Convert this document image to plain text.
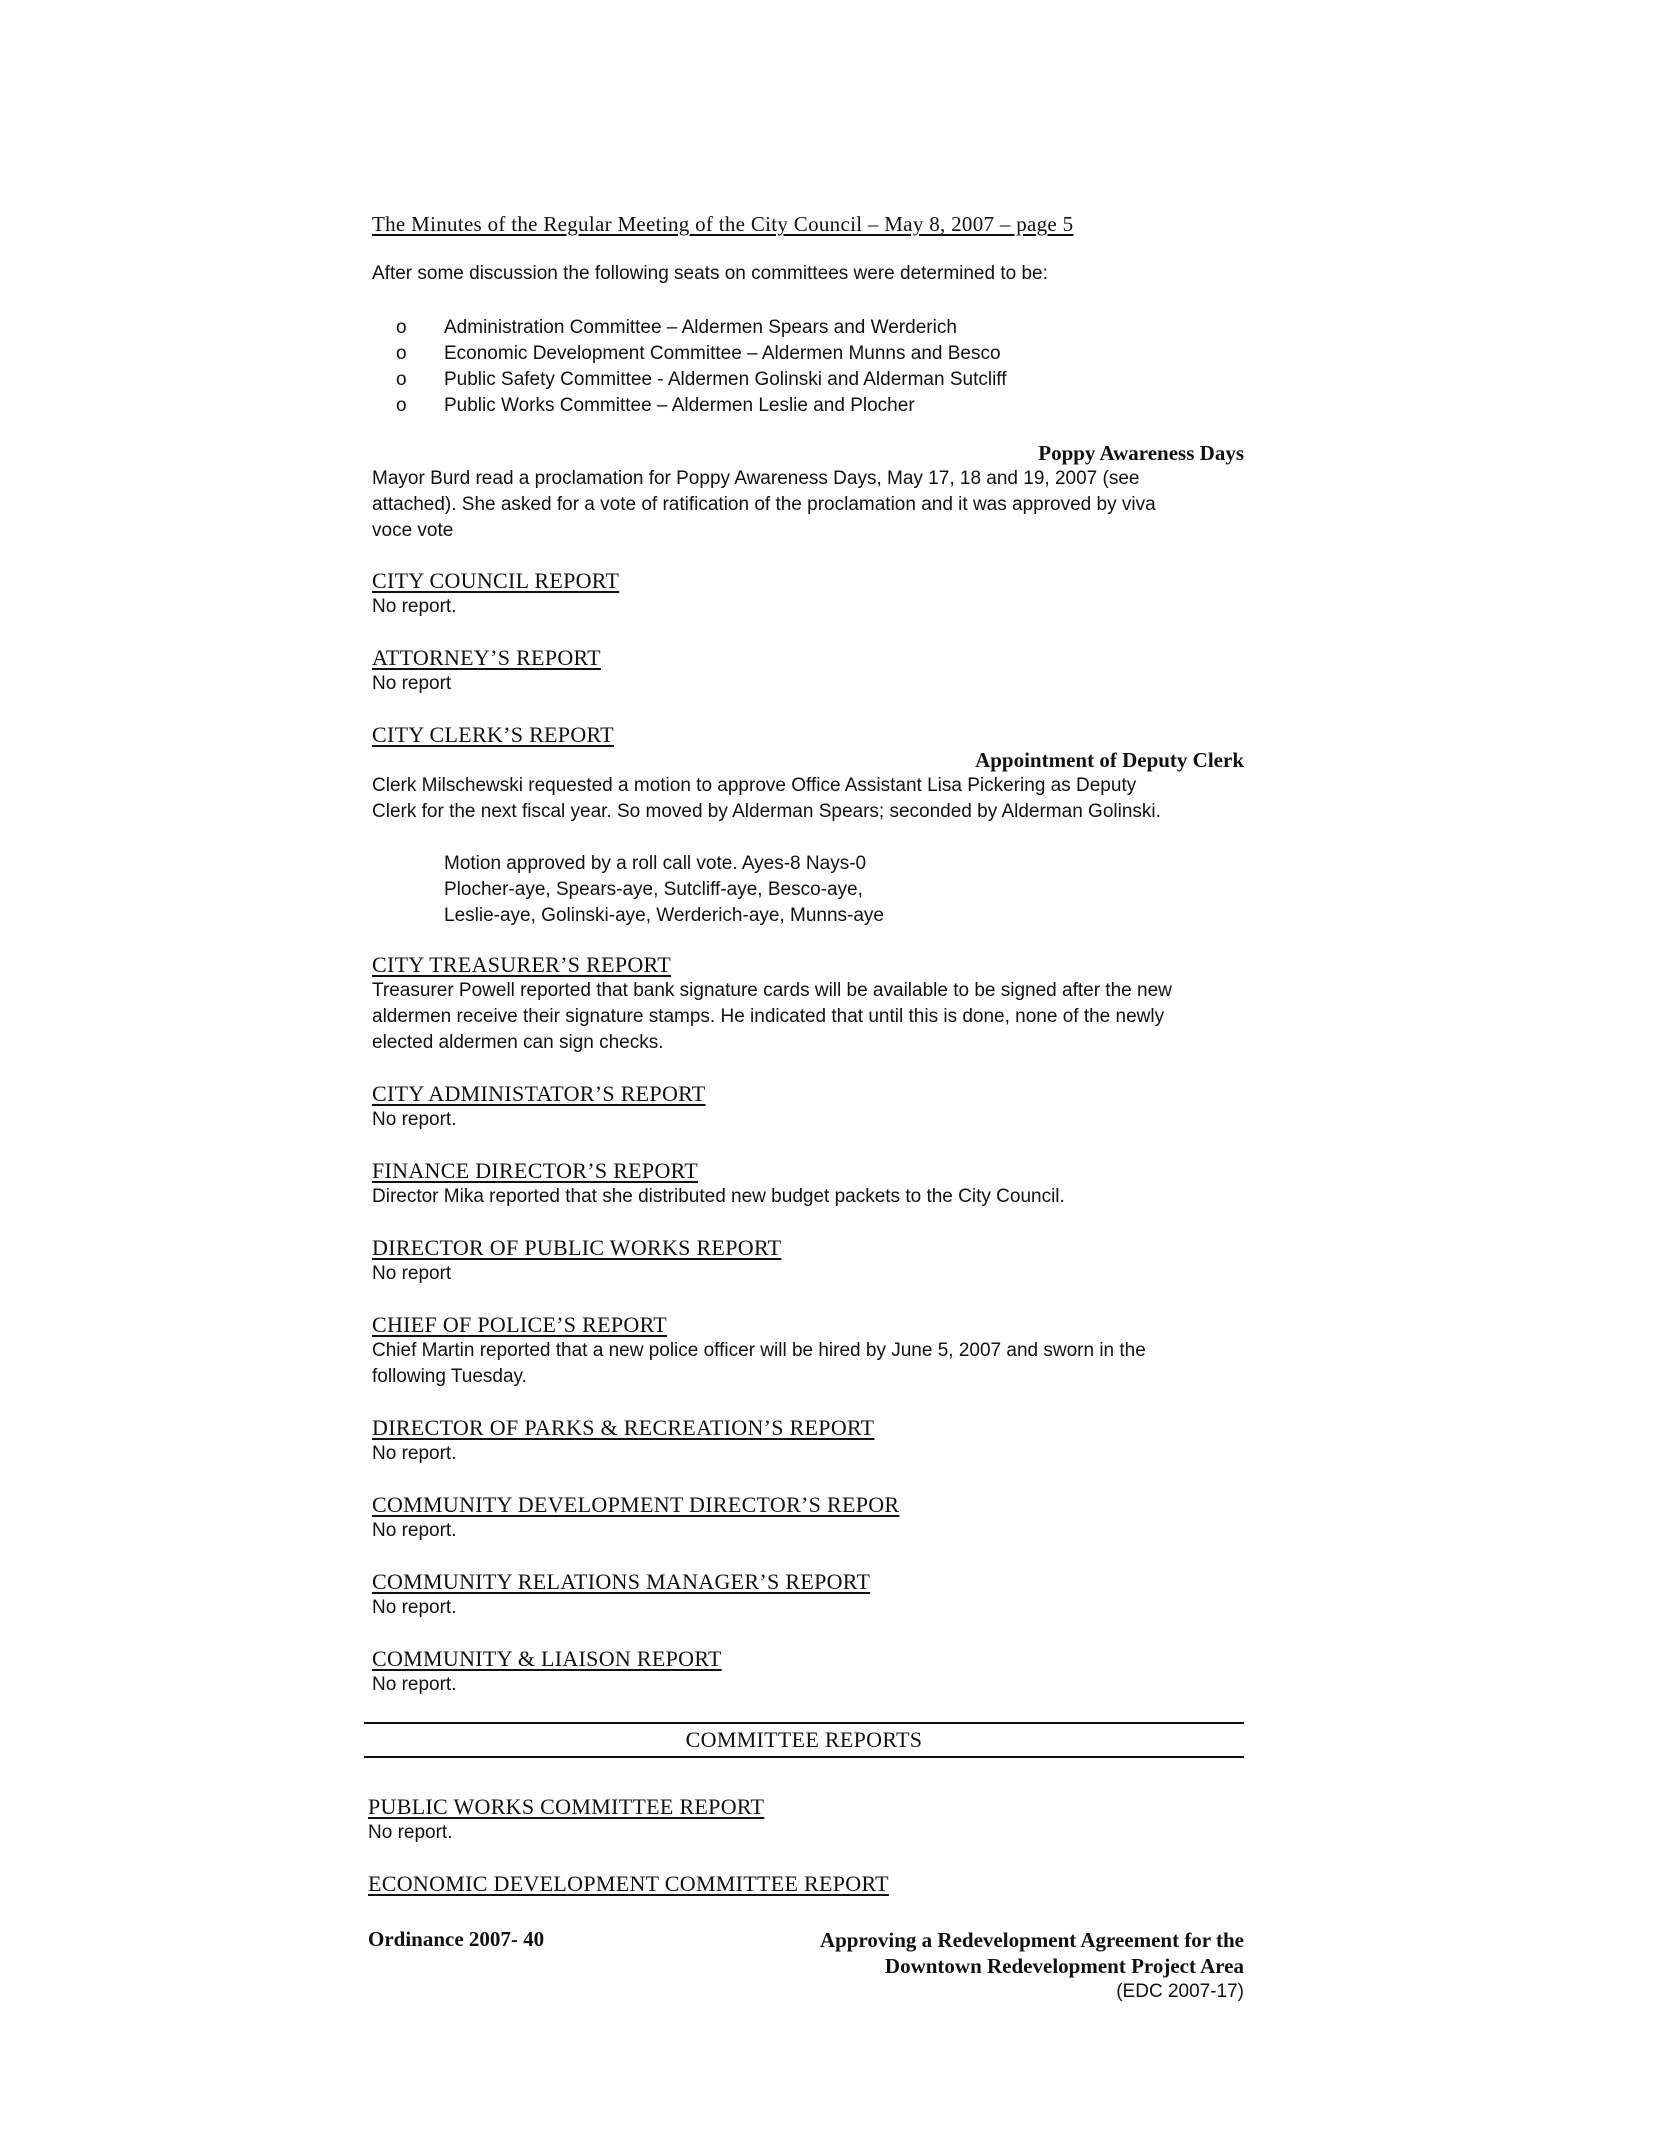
The Minutes of the Regular Meeting of the City Council – May 8, 2007 – page 5
After some discussion the following seats on committees were determined to be:
o Administration Committee – Aldermen Spears and Werderich
o Economic Development Committee – Aldermen Munns and Besco
o Public Safety Committee - Aldermen Golinski and Alderman Sutcliff
o Public Works Committee – Aldermen Leslie and Plocher
Poppy Awareness Days
Mayor Burd read a proclamation for Poppy Awareness Days, May 17, 18 and 19, 2007 (see
attached). She asked for a vote of ratification of the proclamation and it was approved by viva
voce vote
CITY COUNCIL REPORT
No report.
ATTORNEY’S REPORT
No report
CITY CLERK’S REPORT
Appointment of Deputy Clerk
Clerk Milschewski requested a motion to approve Office Assistant Lisa Pickering as Deputy
Clerk for the next fiscal year. So moved by Alderman Spears; seconded by Alderman Golinski.
Motion approved by a roll call vote. Ayes-8 Nays-0
Plocher-aye, Spears-aye, Sutcliff-aye, Besco-aye,
Leslie-aye, Golinski-aye, Werderich-aye, Munns-aye
CITY TREASURER’S REPORT
Treasurer Powell reported that bank signature cards will be available to be signed after the new
aldermen receive their signature stamps. He indicated that until this is done, none of the newly
elected aldermen can sign checks.
CITY ADMINISTATOR’S REPORT
No report.
FINANCE DIRECTOR’S REPORT
Director Mika reported that she distributed new budget packets to the City Council.
DIRECTOR OF PUBLIC WORKS REPORT
No report
CHIEF OF POLICE’S REPORT
Chief Martin reported that a new police officer will be hired by June 5, 2007 and sworn in the
following Tuesday.
DIRECTOR OF PARKS & RECREATION’S REPORT
No report.
COMMUNITY DEVELOPMENT DIRECTOR’S REPOR
No report.
COMMUNITY RELATIONS MANAGER’S REPORT
No report.
COMMUNITY & LIAISON REPORT
No report.
COMMITTEE REPORTS
PUBLIC WORKS COMMITTEE REPORT
No report.
ECONOMIC DEVELOPMENT COMMITTEE REPORT
Ordinance 2007- 40	Approving a Redevelopment Agreement for the
Downtown Redevelopment Project Area
(EDC 2007-17)
